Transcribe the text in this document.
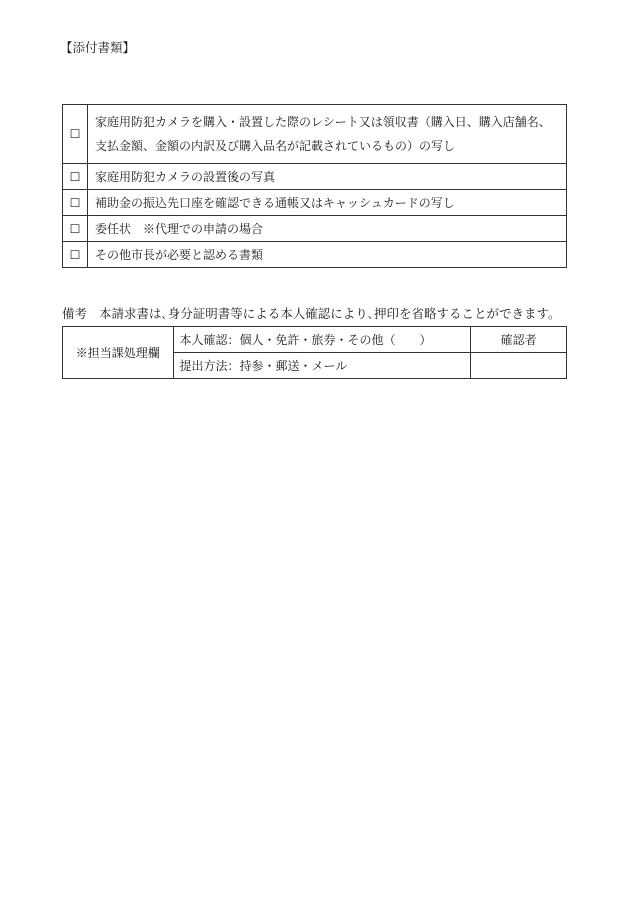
【添付書類】
☐	家庭用防犯カメラを購入・設置した際のレシート又は領収書（購入日、購入店舗名、
支払金額、金額の内訳及び購入品名が記載されているもの）の写し

☐	家庭用防犯カメラの設置後の写真
☐	補助金の振込先口座を確認できる通帳又はキャッシュカードの写し
☐	委任状　※代理での申請の場合
☐	その他市長が必要と認める書類
備考 本請求書は､身分証明書等による本人確認により､押印を省略することができます。
※担当課処理欄	本人確認：個人・免許・旅券・その他（　　）	確認者
	提出方法：持参・郵送・メール	
